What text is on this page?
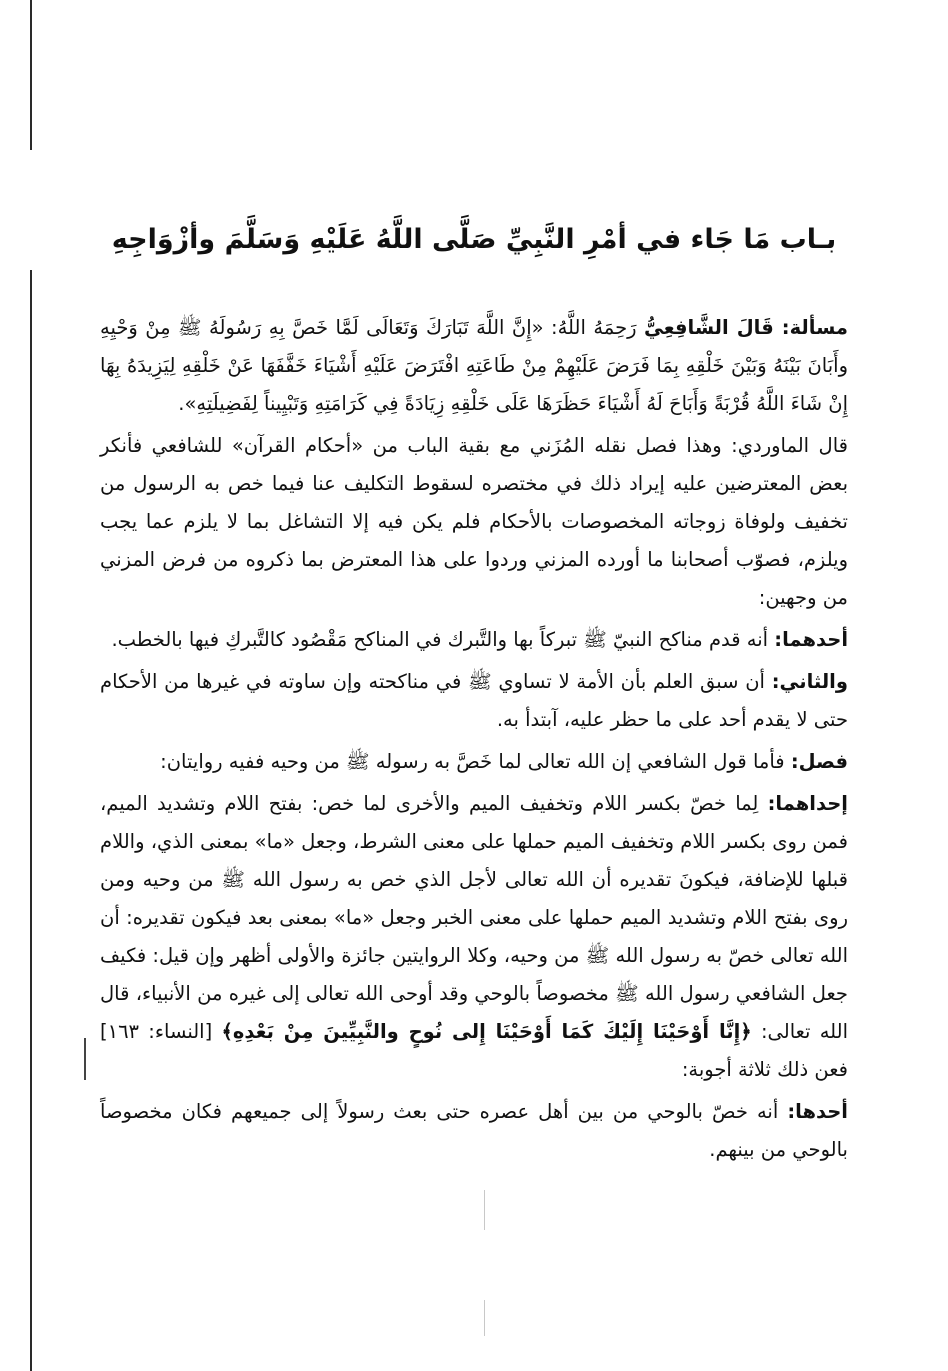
بـاب مَا جَاء في أمْرِ النَّبِيِّ صَلَّى اللَّهُ عَلَيْهِ وَسَلَّمَ وأزْوَاجِهِ

مسألة: قَالَ الشَّافِعِيُّ رَحِمَهُ اللَّهُ: «إِنَّ اللَّهَ تَبَارَكَ وَتَعَالَى لَمَّا خَصَّ بِهِ رَسُولَهُ ﷺ مِنْ وَحْيِهِ وأَبَانَ بَيْنَهُ وَبَيْنَ خَلْقِهِ بِمَا فَرَضَ عَلَيْهِمْ مِنْ طَاعَتِهِ افْتَرَضَ عَلَيْهِ أَشْيَاءَ خَفَّفَهَا عَنْ خَلْقِهِ لِيَزِيدَهُ بِهَا إِنْ شَاءَ اللَّهُ قُرْبَةً وَأَبَاحَ لَهُ أَشْيَاءَ حَظَرَهَا عَلَى خَلْقِهِ زِيَادَةً فِي كَرَامَتِهِ وَتَبْيِيناً لِفَضِيلَتِهِ».

قال الماوردي: وهذا فصل نقله المُزَني مع بقية الباب من «أحكام القرآن» للشافعي فأنكر بعض المعترضين عليه إيراد ذلك في مختصره لسقوط التكليف عنا فيما خص به الرسول من تخفيف ولوفاة زوجاته المخصوصات بالأحكام فلم يكن فيه إلا التشاغل بما لا يلزم عما يجب ويلزم، فصوّب أصحابنا ما أورده المزني وردوا على هذا المعترض بما ذكروه من فرض المزني من وجهين:

أحدهما: أنه قدم مناكح النبيّ ﷺ تبركاً بها والتَّبرك في المناكح مَقْصُود كالتَّبركِ فيها بالخطب.

والثاني: أن سبق العلم بأن الأمة لا تساوي ﷺ في مناكحته وإن ساوته في غيرها من الأحكام حتى لا يقدم أحد على ما حظر عليه، آبتدأ به.

فصل: فأما قول الشافعي إن الله تعالى لما خَصَّ به رسوله ﷺ من وحيه ففيه روايتان:

إحداهما: لِما خصّ بكسر اللام وتخفيف الميم والأخرى لما خص: بفتح اللام وتشديد الميم، فمن روى بكسر اللام وتخفيف الميم حملها على معنى الشرط، وجعل «ما» بمعنى الذي، واللام قبلها للإضافة، فيكونَ تقديره أن الله تعالى لأجل الذي خص به رسول الله ﷺ من وحيه ومن روى بفتح اللام وتشديد الميم حملها على معنى الخبر وجعل «ما» بمعنى بعد فيكون تقديره: أن الله تعالى خصّ به رسول الله ﷺ من وحيه، وكلا الروايتين جائزة والأولى أظهر وإن قيل: فكيف جعل الشافعي رسول الله ﷺ مخصوصاً بالوحي وقد أوحى الله تعالى إلى غيره من الأنبياء، قال الله تعالى: ﴿إِنَّا أَوْحَيْنَا إِلَيْكَ كَمَا أَوْحَيْنَا إِلى نُوحٍ والنَّبِيِّينَ مِنْ بَعْدِهِ﴾ [النساء: ١٦٣] فعن ذلك ثلاثة أجوبة:

أحدها: أنه خصّ بالوحي من بين أهل عصره حتى بعث رسولاً إلى جميعهم فكان مخصوصاً بالوحي من بينهم.
